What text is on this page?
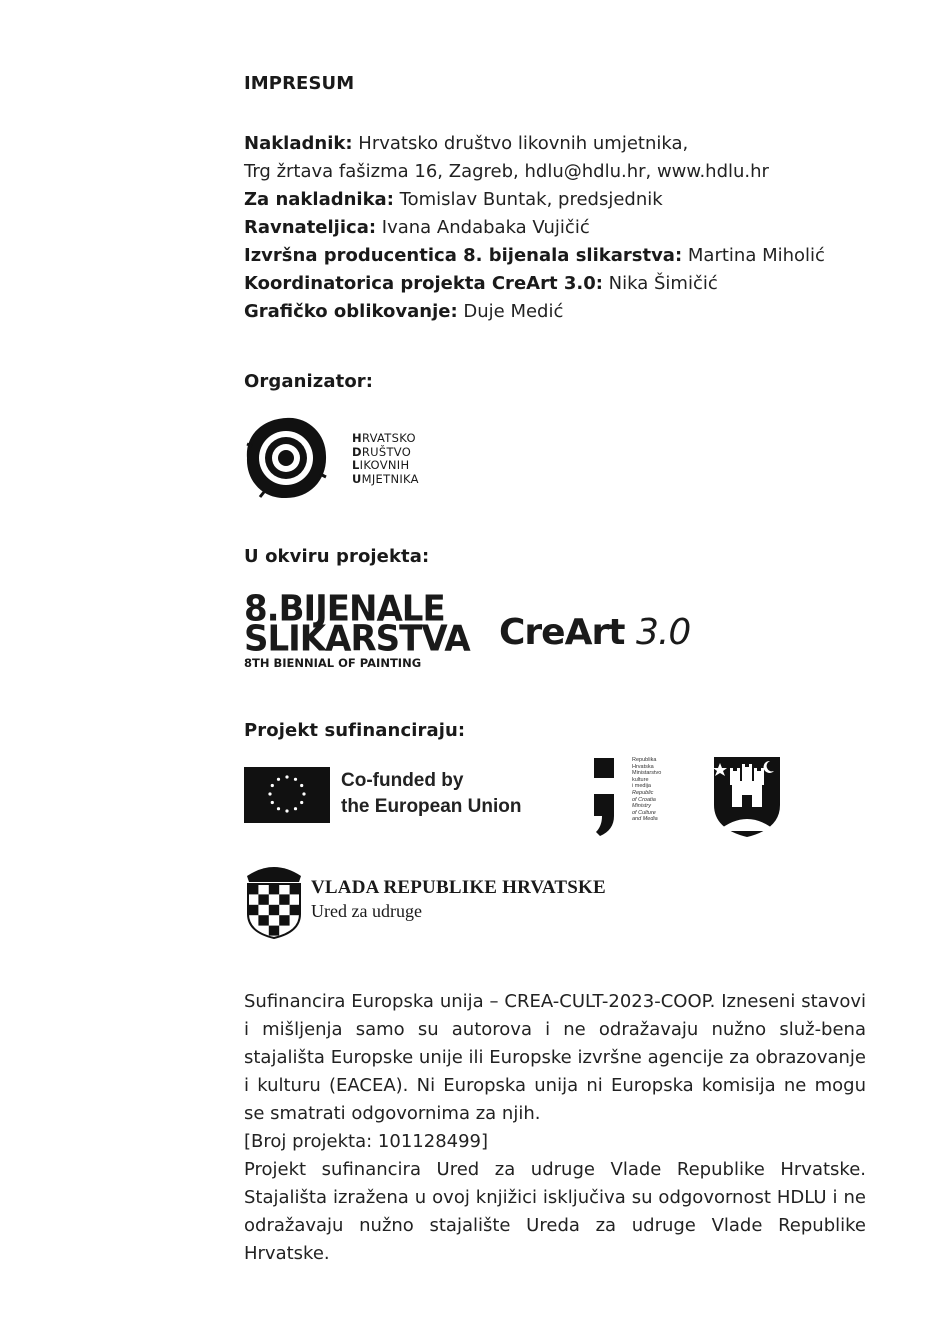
IMPRESUM
Nakladnik: Hrvatsko društvo likovnih umjetnika,
Trg žrtava fašizma 16, Zagreb, hdlu@hdlu.hr, www.hdlu.hr
Za nakladnika: Tomislav Buntak, predsjednik
Ravnateljica: Ivana Andabaka Vujičić
Izvršna producentica 8. bijenala slikarstva: Martina Miholić
Koordinatorica projekta CreArt 3.0: Nika Šimičić
Grafičko oblikovanje: Duje Medić
Organizator:
HRVATSKO
DRUŠTVO
LIKOVNIH
UMJETNIKA
U okviru projekta:
8.BIJENALE
SLIKARSTVA
8TH BIENNIAL OF PAINTING
CreArt 3.0
Projekt sufinanciraju:
Co-funded by
the European Union
Republika
Hrvatska
Ministarstvo
kulture
i medija
Republic
of Croatia
Ministry
of Culture
and Media
VLADA REPUBLIKE HRVATSKE
Ured za udruge

Sufinancira Europska unija – CREA-CULT-2023-COOP. Izneseni stavovi i mišljenja samo su autorova i ne odražavaju nužno služ-bena stajališta Europske unije ili Europske izvršne agencije za obrazovanje i kulturu (EACEA). Ni Europska unija ni Europska komisija ne mogu se smatrati odgovornima za njih.

[Broj projekta: 101128499]

Projekt sufinancira Ured za udruge Vlade Republike Hrvatske. Stajališta izražena u ovoj knjižici isključiva su odgovornost HDLU i ne odražavaju nužno stajalište Ureda za udruge Vlade Republike Hrvatske.
